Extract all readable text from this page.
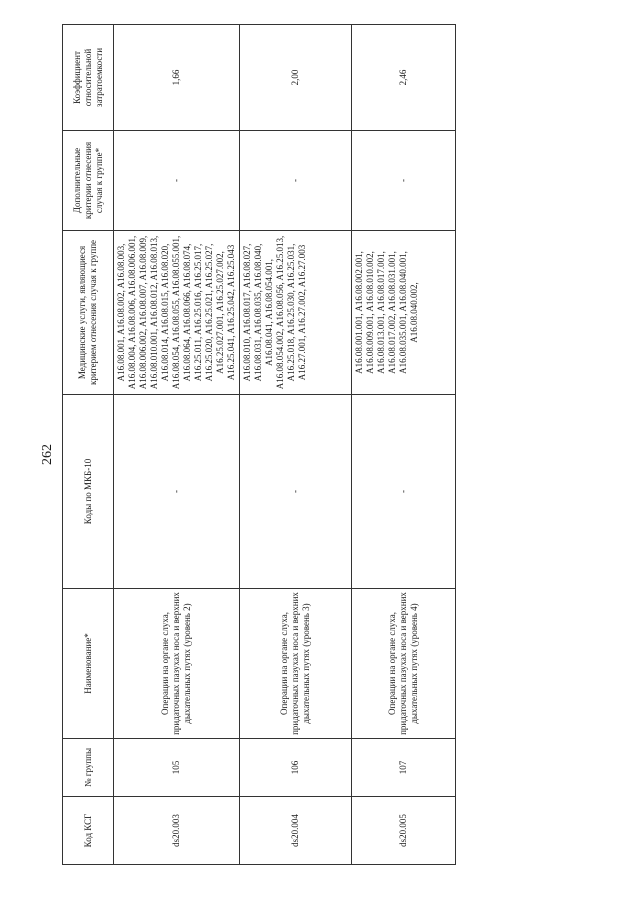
262
Код КСГ	№ группы	Наименование*	Коды по МКБ-10	Медицинские услуги, являющиеся критерием отнесения случая к группе	Дополнительные критерии отнесения случая к группе*	Коэффициент относительной затратоемкости
ds20.003	105	Операции на органе слуха, придаточных пазухах носа и верхних дыхательных путях (уровень 2)	-	A16.08.001, A16.08.002, A16.08.003, A16.08.004, A16.08.006, A16.08.006.001, A16.08.006.002, A16.08.007, A16.08.009, A16.08.010.001, A16.08.012, A16.08.013, A16.08.014, A16.08.015, A16.08.020, A16.08.054, A16.08.055, A16.08.055.001, A16.08.064, A16.08.066, A16.08.074, A16.25.011, A16.25.016, A16.25.017, A16.25.020, A16.25.021, A16.25.027, A16.25.027.001, A16.25.027.002, A16.25.041, A16.25.042, A16.25.043	-	1,66
ds20.004	106	Операции на органе слуха, придаточных пазухах носа и верхних дыхательных путях (уровень 3)	-	A16.08.010, A16.08.017, A16.08.027, A16.08.031, A16.08.035, A16.08.040, A16.08.041, A16.08.054.001, A16.08.054.002, A16.08.056, A16.25.013, A16.25.018, A16.25.030, A16.25.031, A16.27.001, A16.27.002, A16.27.003	-	2,00
ds20.005	107	Операции на органе слуха, придаточных пазухах носа и верхних дыхательных путях (уровень 4)	-	A16.08.001.001, A16.08.002.001, A16.08.009.001, A16.08.010.002, A16.08.013.001, A16.08.017.001, A16.08.017.002, A16.08.031.001, A16.08.035.001, A16.08.040.001, A16.08.040.002,	-	2,46
